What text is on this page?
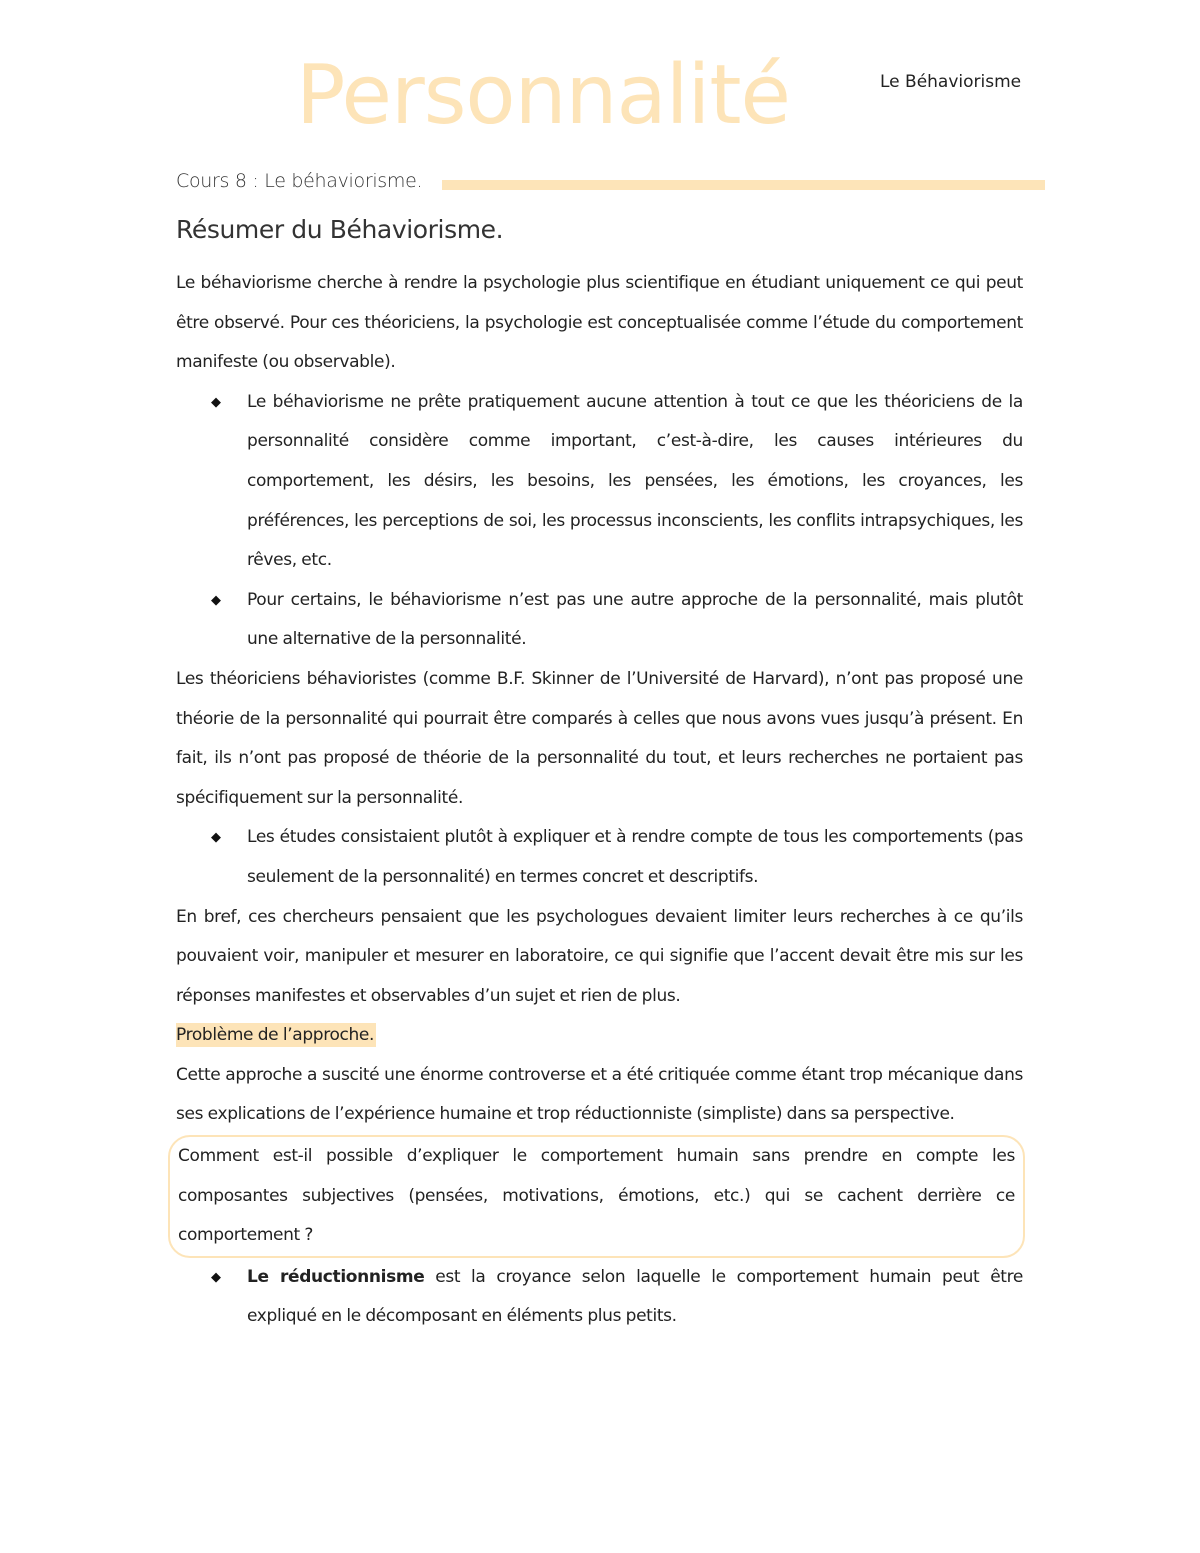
Personnalité	Le Béhaviorisme
Cours 8 : Le béhaviorisme.
Résumer du Béhaviorisme.

Le béhaviorisme cherche à rendre la psychologie plus scientifique en étudiant uniquement ce qui peut être observé. Pour ces théoriciens, la psychologie est conceptualisée comme l’étude du comportement manifeste (ou observable).

◆ Le béhaviorisme ne prête pratiquement aucune attention à tout ce que les théoriciens de la personnalité considère comme important, c’est-à-dire, les causes intérieures du comportement, les désirs, les besoins, les pensées, les émotions, les croyances, les préférences, les perceptions de soi, les processus inconscients, les conflits intrapsychiques, les rêves, etc.
◆ Pour certains, le béhaviorisme n’est pas une autre approche de la personnalité, mais plutôt une alternative de la personnalité.

Les théoriciens béhavioristes (comme B.F. Skinner de l’Université de Harvard), n’ont pas proposé une théorie de la personnalité qui pourrait être comparés à celles que nous avons vues jusqu’à présent. En fait, ils n’ont pas proposé de théorie de la personnalité du tout, et leurs recherches ne portaient pas spécifiquement sur la personnalité.

◆ Les études consistaient plutôt à expliquer et à rendre compte de tous les comportements (pas seulement de la personnalité) en termes concret et descriptifs.

En bref, ces chercheurs pensaient que les psychologues devaient limiter leurs recherches à ce qu’ils pouvaient voir, manipuler et mesurer en laboratoire, ce qui signifie que l’accent devait être mis sur les réponses manifestes et observables d’un sujet et rien de plus.

Problème de l’approche.

Cette approche a suscité une énorme controverse et a été critiquée comme étant trop mécanique dans ses explications de l’expérience humaine et trop réductionniste (simpliste) dans sa perspective.

Comment est-il possible d’expliquer le comportement humain sans prendre en compte les composantes subjectives (pensées, motivations, émotions, etc.) qui se cachent derrière ce comportement ?

◆ Le réductionnisme est la croyance selon laquelle le comportement humain peut être expliqué en le décomposant en éléments plus petits.
